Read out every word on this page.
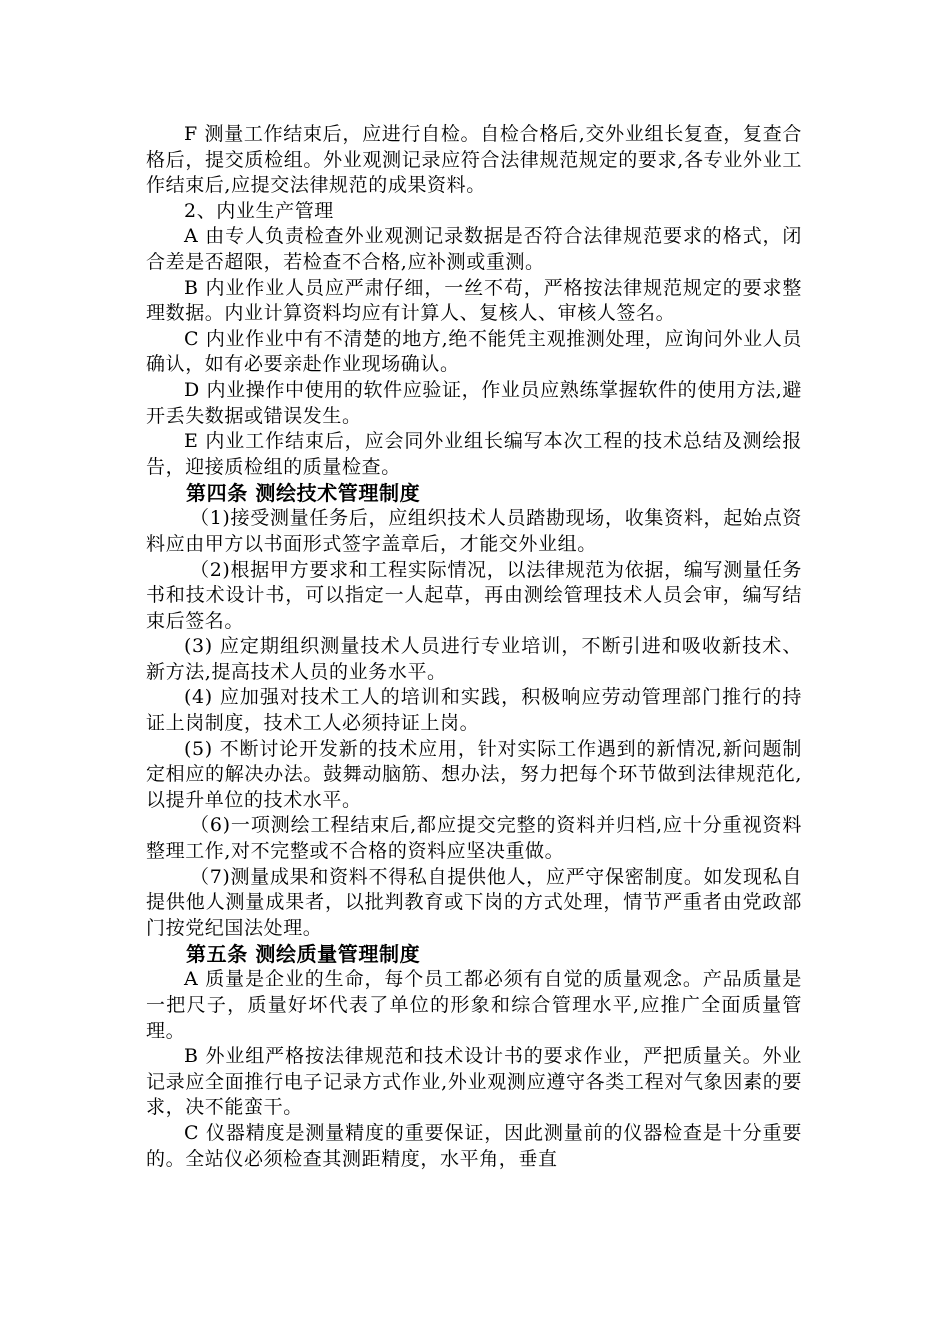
F 测量工作结束后，应进行自检。自检合格后,交外业组长复查，复查合格后，提交质检组。外业观测记录应符合法律规范规定的要求,各专业外业工作结束后,应提交法律规范的成果资料。

2、内业生产管理

A 由专人负责检查外业观测记录数据是否符合法律规范要求的格式，闭合差是否超限，若检查不合格,应补测或重测。

B 内业作业人员应严肃仔细，一丝不苟，严格按法律规范规定的要求整理数据。内业计算资料均应有计算人、复核人、审核人签名。

C 内业作业中有不清楚的地方,绝不能凭主观推测处理，应询问外业人员确认，如有必要亲赴作业现场确认。

D 内业操作中使用的软件应验证，作业员应熟练掌握软件的使用方法,避开丢失数据或错误发生。

E 内业工作结束后，应会同外业组长编写本次工程的技术总结及测绘报告，迎接质检组的质量检查。

第四条 测绘技术管理制度

（1)接受测量任务后，应组织技术人员踏勘现场，收集资料，起始点资料应由甲方以书面形式签字盖章后，才能交外业组。

（2)根据甲方要求和工程实际情况，以法律规范为依据，编写测量任务书和技术设计书，可以指定一人起草，再由测绘管理技术人员会审，编写结束后签名。

(3) 应定期组织测量技术人员进行专业培训，不断引进和吸收新技术、新方法,提高技术人员的业务水平。

(4) 应加强对技术工人的培训和实践，积极响应劳动管理部门推行的持证上岗制度，技术工人必须持证上岗。

(5) 不断讨论开发新的技术应用，针对实际工作遇到的新情况,新问题制定相应的解决办法。鼓舞动脑筋、想办法，努力把每个环节做到法律规范化,以提升单位的技术水平。

（6)一项测绘工程结束后,都应提交完整的资料并归档,应十分重视资料整理工作,对不完整或不合格的资料应坚决重做。

（7)测量成果和资料不得私自提供他人，应严守保密制度。如发现私自提供他人测量成果者，以批判教育或下岗的方式处理，情节严重者由党政部门按党纪国法处理。

第五条 测绘质量管理制度

A 质量是企业的生命，每个员工都必须有自觉的质量观念。产品质量是一把尺子，质量好坏代表了单位的形象和综合管理水平,应推广全面质量管理。

B 外业组严格按法律规范和技术设计书的要求作业，严把质量关。外业记录应全面推行电子记录方式作业,外业观测应遵守各类工程对气象因素的要求，决不能蛮干。

C 仪器精度是测量精度的重要保证，因此测量前的仪器检查是十分重要的。全站仪必须检查其测距精度，水平角，垂直
